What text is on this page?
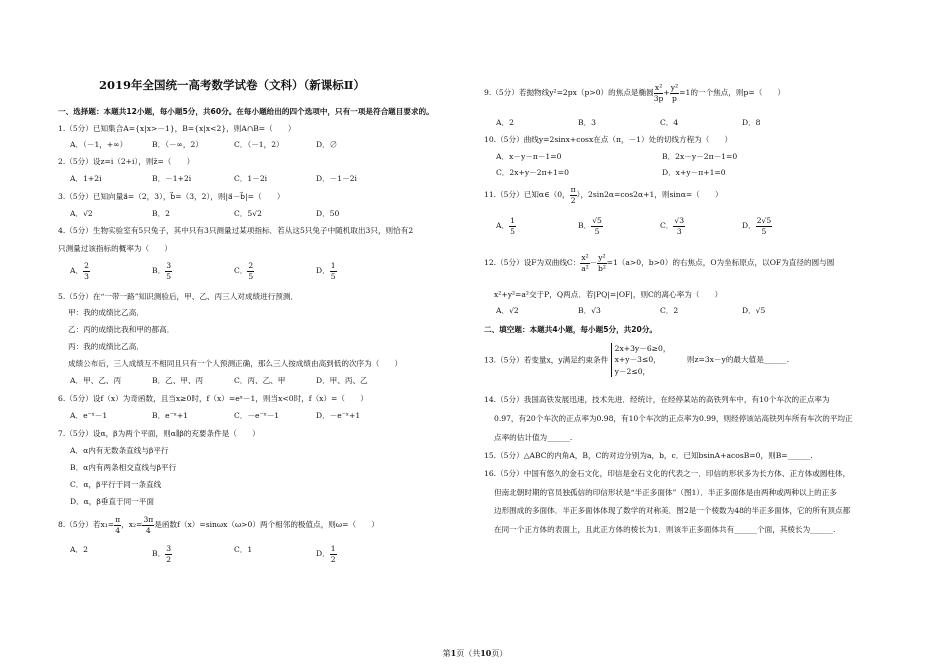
2019年全国统一高考数学试卷（文科）（新课标Ⅱ）
一、选择题：本题共12小题，每小题5分，共60分。在每小题给出的四个选项中，只有一项是符合题目要求的。
1.（5分）已知集合A={x|x>－1}，B={x|x<2}，则A∩B=（　　）
A．（－1，+∞）	B．（－∞，2）	C．（－1，2）	D．∅
2.（5分）设z=i（2+i），则z̄=（　　）
A．1+2i	B．－1+2i	C．1－2i	D．－1－2i
3.（5分）已知向量a⃗=（2，3），b⃗=（3，2），则|a⃗－b⃗|=（　　）
A．√2	B．2	C．5√2	D．50
4.（5分）生物实验室有5只兔子，其中只有3只测量过某项指标．若从这5只兔子中随机取出3只，则恰有2
只测量过该指标的概率为（　　）
A． $\frac{2}{3}$	B． $\frac{3}{5}$	C． $\frac{2}{5}$	D． $\frac{1}{5}$
5.（5分）在“一带一路”知识测验后，甲、乙、丙三人对成绩进行预测．
甲：我的成绩比乙高．
乙：丙的成绩比我和甲的都高．
丙：我的成绩比乙高．
成绩公布后，三人成绩互不相同且只有一个人预测正确，那么三人按成绩由高到低的次序为（　　）
A．甲、乙、丙	B．乙、甲、丙	C．丙、乙、甲	D．甲、丙、乙
6.（5分）设f（x）为奇函数，且当x≥0时，f（x）=eˣ－1，则当x<0时，f（x）=（　　）
A．e⁻ˣ－1	B．e⁻ˣ+1	C．－e⁻ˣ－1	D．－e⁻ˣ+1
7.（5分）设α，β为两个平面，则α∥β的充要条件是（　　）
A．α内有无数条直线与β平行
B．α内有两条相交直线与β平行
C．α，β平行于同一条直线
D．α，β垂直于同一平面
8.（5分）若$x_1= \frac{\pi}{4}$ ，$x_2= \frac{3\pi}{4}$ 是函数f（x）=sinωx（ω>0）两个相邻的极值点，则ω=（　　）
A．2	B． $\frac{3}{2}$	C．1	D． $\frac{1}{2}$
9.（5分）若抛物线y²=2px（p>0）的焦点是椭圆 $\frac{\text{x²}}{3p} + \frac{\text{y²}}{p} =1$的一个焦点，则p=（　　）
A．2	B．3	C．4	D．8
10.（5分）曲线y=2sinx+cosx在点（π，－1）处的切线方程为（　　）
A．x－y－π－1=0	B．2x－y－2π－1=0
C．2x+y－2π+1=0	D．x+y－π+1=0
11.（5分）已知α∈（0， $\frac{\pi}{2}$ ），2sin2α=cos2α+1，则sinα=（　　）
A． $\frac{1}{5}$	B． $\frac{√5}{5}$	C． $\frac{√3}{3}$	D． $\frac{2√5}{5}$
12.（5分）设F为双曲线C： $\frac{\text{x²}}{\text{a²}} - \frac{\text{y²}}{\text{b²}} =1(a>0$，b>0）的右焦点，O为坐标原点，以OF为直径的圆与圆
x²+y²=a²交于P，Q两点．若|PQ|=|OF|，则C的离心率为（　　）
A．√2	B．√3	C．2	D．√5
二、填空题：本题共4小题，每小题5分，共20分。
13.（5分）若变量x，y满足约束条件
2x+3y－6≥0，
x+y－3≤0，
y－2≤0，
则z=3x－y的最大值是______.
14.（5分）我国高铁发展迅速，技术先进．经统计，在经停某站的高铁列车中，有10个车次的正点率为
0.97，有20个车次的正点率为0.98，有10个车次的正点率为0.99，则经停该站高铁列车所有车次的平均正
点率的估计值为______.
15.（5分）△ABC的内角A，B，C的对边分别为a，b，c．已知bsinA+acosB=0，则B=______.
16.（5分）中国有悠久的金石文化，印信是金石文化的代表之一．印信的形状多为长方体、正方体或圆柱体，
但南北朝时期的官员独孤信的印信形状是“半正多面体”（图1）．半正多面体是由两种或两种以上的正多
边形围成的多面体．半正多面体体现了数学的对称美．图2是一个棱数为48的半正多面体，它的所有顶点都
在同一个正方体的表面上，且此正方体的棱长为1．则该半正多面体共有______个面，其棱长为______.
第1页（共10页）
